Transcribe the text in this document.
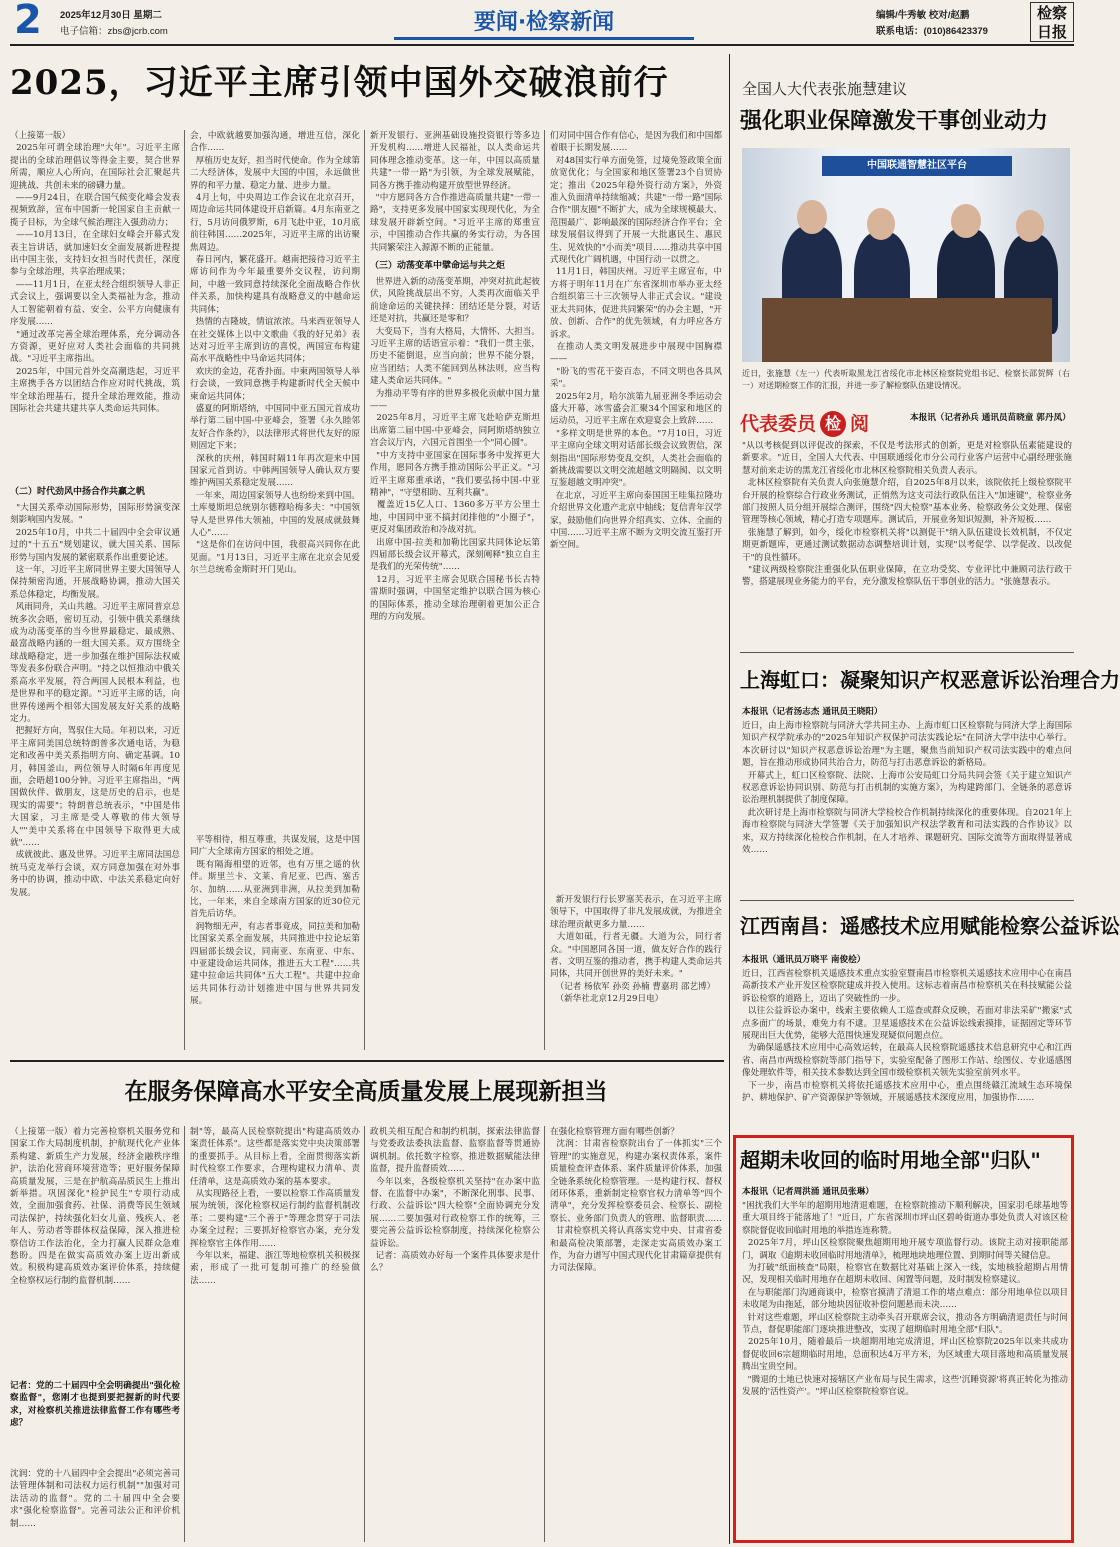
2 2025年12月30日 星期二
电子信箱：zbs@jcrb.com	要闻·检察新闻	编辑/牛秀敏 校对/赵鹏
联系电话：(010)86423379
检察日报
2025，习近平主席引领中国外交破浪前行
（上接第一版）
2025年可谓全球治理"大年"。习近平主席提出的全球治理倡议等得金主要，契合世界所需，顺应人心所向，在国际社会汇聚起共迎挑战、共创未来的磅礴力量。
——9月24日，在联合国气候变化峰会发表视频致辞，宣布中国新一轮国家自主贡献一揽子目标，为全球气候治理注入强劲动力；
——10月13日，在全球妇女峰会开幕式发表主旨讲话，就加速妇女全面发展新进程提出中国主张，支持妇女担当时代责任，深度参与全球治理，共享治理成果；
——11月1日，在亚太经合组织领导人非正式会议上，强调要以全人类福祉为念，推动人工智能朝着有益、安全、公平方向健康有序发展……
"通过改革完善全球治理体系，充分调动各方资源，更好应对人类社会面临的共同挑战。"习近平主席指出。
2025年，中国元首外交高潮迭起，习近平主席携手各方以团结合作应对时代挑战，筑牢全球治理基石，提升全球治理效能，推动国际社会共建共建共享人类命运共同体。
（二）时代劲风中扬合作共赢之帆
"大国关系牵动国际形势，国际形势演变深刻影响国内发展。"
2025年10月，中共二十届四中全会审议通过的"十五五"规划建议，就大国关系、国际形势与国内发展的紧密联系作出重要论述。
这一年，习近平主席同世界主要大国领导人保持频密沟通，开展战略协调，推动大国关系总体稳定，均衡发展。
风雨同舟，关山共越。习近平主席同普京总统多次会晤，密切互动，引领中俄关系继续成为动荡变革的当今世界最稳定、最成熟、最富战略内涵的一组大国关系。双方围绕全球战略稳定，进一步加强在维护国际法权威等发表多份联合声明。"持之以恒推动中俄关系高水平发展，符合两国人民根本利益，也是世界和平的稳定源。"习近平主席的话，向世界传递两个相邻大国发展友好关系的战略定力。
把握好方向，驾驭住大局。年初以来，习近平主席同美国总统特朗普多次通电话，为稳定和改善中美关系指明方向、确定基调。10月，韩国釜山，两位领导人时隔6年再度见面，会晤超100分钟。习近平主席指出，"两国做伙伴、做朋友，这是历史的启示，也是现实的需要"；特朗普总统表示，"中国是伟大国家，习主席是受人尊敬的伟大领导人""美中关系将在中国领导下取得更大成就"……
成就彼此、惠及世界。习近平主席同法国总统马克龙举行会谈，双方同意加强在对外事务中的协调，推动中欧、中法关系稳定向好发展。
会，中欧就越要加强沟通，增进互信，深化合作……
厚植历史友好，担当时代使命。作为全球第二大经济体，发展中大国的中国，永远做世界的和平力量、稳定力量、进步力量。
4月上旬，中央周边工作会议在北京召开，周边命运共同体建设开启新篇。4月东南亚之行，5月访问俄罗斯，6月飞赴中亚，10月底前往韩国……2025年，习近平主席的出访聚焦周边。
春日河内，繁花盛开。越南把接待习近平主席访问作为今年最重要外交议程，访问期间，中越一致同意持续深化全面战略合作伙伴关系，加快构建具有战略意义的中越命运共同体；
热情的吉隆坡，情谊浓浓。马来西亚领导人在社交媒体上以中文歌曲《我的好兄弟》表达对习近平主席到访的喜悦，两国宣布构建高水平战略性中马命运共同体；
欢庆的金边，花香扑面。中柬两国领导人举行会谈，一致同意携手构建新时代全天候中柬命运共同体；
盛夏的阿斯塔纳，中国同中亚五国元首成功举行第二届中国-中亚峰会，签署《永久睦邻友好合作条约》，以法律形式将世代友好的原则固定下来；
深秋的庆州，韩国时隔11年再次迎来中国国家元首到访。中韩两国领导人确认双方要维护两国关系稳定发展……
一年来，周边国家领导人也纷纷来到中国。土库曼斯坦总统别尔德穆哈梅多夫："中国领导人是世界伟大领袖，中国的发展成就鼓舞人心"……
"这是你们在访问中国，我很高兴同你在此见面。"1月13日，习近平主席在北京会见爱尔兰总统希金斯时开门见山。
平等相待，相互尊重，共谋发展，这是中国同广大全球南方国家的相处之道。
既有隔海相望的近邻，也有万里之遥的伙伴。斯里兰卡、文莱、肯尼亚、巴西、塞舌尔、加纳……从亚洲到非洲，从拉美到加勒比，一年来，来自全球南方国家的近30位元首先后访华。
润物细无声，有志者事竟成，同拉美和加勒比国家关系全面发展，共同推进中拉论坛第四届部长级会议，同南亚、东南亚、中东、中亚建设命运共同体，推进五大工程"……共建中拉命运共同体"五大工程"。共建中拉命运共同体行动计划推进中国与世界共同发展。
新开发银行、亚洲基础设施投资银行等多边开发机构……增进人民福祉，以人类命运共同体理念推动变革。这一年，中国以高质量共建"一带一路"为引领，为全球发展赋能，同各方携手推动构建开放型世界经济。
"中方愿同各方合作推进高质量共建"一带一路"，支持更多发展中国家实现现代化，为全球发展开辟新空间。"习近平主席的郑重宣示，中国推动合作共赢的务实行动，为各国共同繁荣注入源源不断的正能量。
（三）动荡变革中擘命运与共之炬
世界进入新的动荡变革期，冲突对抗此起彼伏，风险挑战层出不穷，人类再次面临关乎前途命运的关键抉择：团结还是分裂，对话还是对抗，共赢还是零和？
大变局下，当有大格局，大情怀、大担当。习近平主席的话语宣示着："我们一贯主张，历史不能倒退，应当向前；世界不能分裂，应当团结；人类不能回到丛林法则，应当构建人类命运共同体。"
为推动平等有序的世界多极化贡献中国力量——
2025年8月，习近平主席飞赴哈萨克斯坦出席第二届中国-中亚峰会，同阿斯塔纳独立宫会议厅内，六国元首围坐一个"同心圆"。
"中方支持中亚国家在国际事务中发挥更大作用，愿同各方携手推动国际公平正义。"习近平主席郑重承诺，"我们要弘扬中国-中亚精神"，"守望相助、互利共赢"。
覆盖近15亿人口、1360多万平方公里土地，中国同中亚不搞封闭排他的"小圈子"，更反对集团政治和冷战对抗。
出席中国-拉美和加勒比国家共同体论坛第四届部长级会议开幕式，深刻阐释"独立自主是我们的光荣传统"……
12月，习近平主席会见联合国秘书长古特雷斯时强调，中国坚定维护以联合国为核心的国际体系，推动全球治理朝着更加公正合理的方向发展。
们对同中国合作有信心，是因为我们和中国都着眼于长期发展……
对48国实行单方面免签，过境免签政策全面放宽优化；与全国家和地区签署23个自贸协定；推出《2025年稳外资行动方案》，外资准入负面清单持续缩减；共建"一带一路"国际合作"朋友圈"不断扩大，成为全球规模最大、范围最广、影响最深的国际经济合作平台；全球发展倡议得到了开展一大批惠民生、惠民生、见效快的"小而美"项目……推动共享中国式现代化广阔机遇，中国行动一以贯之。
11月1日，韩国庆州。习近平主席宣布，中方将于明年11月在广东省深圳市举办亚太经合组织第三十三次领导人非正式会议。"建设亚太共同体，促进共同繁荣"的办会主题，"开放、创新、合作"的优先领域，有力呼应各方诉求。
在推动人类文明发展进步中展现中国胸襟——
"盼飞的雪花干姿百态，不同文明也各具风采"。
2025年2月，哈尔滨第九届亚洲冬季运动会盛大开幕，冰雪盛会汇聚34个国家和地区的运动员，习近平主席在欢迎宴会上致辞……
"多样文明是世界的本色。"7月10日，习近平主席向全球文明对话部长级会议致贺信，深刻指出"国际形势变乱交织，人类社会面临的新挑战需要以文明交流超越文明隔阂、以文明互鉴超越文明冲突"。
在北京，习近平主席向泰国国王哇集拉隆功介绍世界文化遗产北京中轴线；复信青年汉学家，鼓励他们向世界介绍真实、立体、全面的中国……习近平主席不断为文明交流互鉴打开新空间。
新开发银行行长罗塞芙表示，在习近平主席领导下，中国取得了非凡发展成就，为推进全球治理贡献更多力量……
大道如砥，行者无疆。大道为公，同行者众。"中国愿同各国一道，做友好合作的践行者、文明互鉴的推动者，携手构建人类命运共同体，共同开创世界的美好未来。"
（记者 杨依军 孙奕 孙楠 曹嘉玥 邵艺博）
（新华社北京12月29日电）
全国人大代表张施慧建议
强化职业保障激发干事创业动力
中国联通智慧社区平台
近日，张施慧（左一）代表听取黑龙江省绥化市北林区检察院党组书记、检察长邵贺辉（右一）对送期检察工作的汇报，并进一步了解检察队伍建设情况。
代表委员 检 阅	本报讯（记者孙兵 通讯员苗晓童 郭丹凤）
"从以考核促到以评促改的探索，不仅是考法形式的创新，更是对检察队伍素能建设的新要求。"近日，全国人大代表、中国联通绥化市分公司行业客户运营中心副经理张施慧对前来走访的黑龙江省绥化市北林区检察院相关负责人表示。
北林区检察院有关负责人向张施慧介绍，自2025年8月以来，该院依托上级检察院平台开展的检察综合行政业务测试，正悄然为这支司法行政队伍注入"加速键"，检察业务部门按照人员分组开展综合测评，围绕"四大检察"基本业务、检察政务公文处理、保密管理等核心领域，精心打造专项题库。测试后，开展业务知识短测，补齐短板……
张施慧了解到，如今，绥化市检察机关将"以测促干"纳入队伍建设长效机制，不仅定期更新题库，更通过测试数据动态调整培训计划，实现"以考促学、以学促改、以改促干"的良性循环。
"建议两级检察院注重强化队伍职业保障，在立功受奖、专业评比中兼顾司法行政干警，搭建展现业务能力的平台，充分激发检察队伍干事创业的活力。"张施慧表示。
上海虹口：凝聚知识产权恶意诉讼治理合力
本报讯（记者汤志杰 通讯员王晓阳）
近日，由上海市检察院与同济大学共同主办、上海市虹口区检察院与同济大学上海国际知识产权学院承办的"2025年知识产权保护司法实践论坛"在同济大学中法中心举行。本次研讨以"知识产权恶意诉讼治理"为主题，聚焦当前知识产权司法实践中的难点问题，旨在推动形成协同共治合力，防范与打击恶意诉讼的新格局。
开幕式上，虹口区检察院、法院、上海市公安局虹口分局共同会签《关于建立知识产权恶意诉讼协同识别、防范与打击机制的实施方案》，为构建跨部门、全链条的恶意诉讼治理机制提供了制度保障。
此次研讨是上海市检察院与同济大学检校合作机制持续深化的重要体现。自2021年上海市检察院与同济大学签署《关于加强知识产权法学教育和司法实践的合作协议》以来，双方持续深化检校合作机制，在人才培养、课题研究、国际交流等方面取得显著成效……
江西南昌：遥感技术应用赋能检察公益诉讼
本报讯（通讯员万晓平 南俊桧）
近日，江西省检察机关遥感技术重点实验室暨南昌市检察机关遥感技术应用中心在南昌高新技术产业开发区检察院建成并投入使用。这标志着南昌市检察机关在科技赋能公益诉讼检察的道路上，迈出了突破性的一步。
以往公益诉讼办案中，线索主要依赖人工巡查或群众反映，若面对非法采矿"搬家"式点多面广的场景，难免力有不逮。卫星遥感技术在公益诉讼线索摸排，证据固定等环节展现出巨大优势，能够大范围快速发现疑似问题点位。
为确保遥感技术应用中心高效运转，在最高人民检察院遥感技术信息研究中心和江西省、南昌市两级检察院等部门指导下，实验室配备了图形工作站、绘图仪、专业遥感图像处理软件等，相关技术参数达到全国市级检察机关领先实验室前列水平。
下一步，南昌市检察机关将依托遥感技术应用中心，重点围绕赣江流域生态环境保护、耕地保护、矿产资源保护等领域，开展遥感技术深度应用，加强协作……
超期未收回的临时用地全部"归队"
本报讯（记者周洪涌 通讯员张琳）
"困扰我们大半年的超期用地清退难题，在检察院推动下顺利解决，国家羽毛球基地等重大项目终于能落地了！"近日，广东省深圳市坪山区碧岭街道办事处负责人对该区检察院督促收回临时用地的举措连连称赞。
2025年7月，坪山区检察院聚焦超期用地开展专项监督行动。该院主动对接职能部门，调取《逾期未收回临时用地清单》，梳理地块地理位置、到期时间等关键信息。
为打破"纸面核查"局限，检察官在数据比对基础上深入一线，实地核验超期占用情况，发现相关临时用地存在超期未收回、闲置等问题，及时制发检察建议。
在与职能部门沟通商谈中，检察官摸清了清退工作的堵点难点：部分用地单位以项目未收尾为由拖延，部分地块因征收补偿问题悬而未决……
针对这些难题，坪山区检察院主动牵头召开联席会议，推动各方明确清退责任与时间节点，督促职能部门逐块推进整改，实现了超期临时用地全部"归队"。
2025年10月，随着最后一块超期用地完成清退，坪山区检察院2025年以来共成功督促收回6宗超期临时用地，总面积达4万平方米，为区域重大项目落地和高质量发展腾出宝贵空间。
"腾退的土地已快速对接辖区产业布局与民生需求，这些'沉睡资源'将真正转化为推动发展的'活性资产'。"坪山区检察院检察官说。
在服务保障高水平安全高质量发展上展现新担当
（上接第一版）着力完善检察机关服务党和国家工作大局制度机制，护航现代化产业体系构建、新质生产力发展，经济金融秩序维护，法治化营商环境营造等；更好服务保障高质量发展，三是在护航高品质民生上推出新举措。巩固深化"检护民生"专项行动成效，全面加强食药、社保、消费等民生领域司法保护，持续强化妇女儿童、残疾人、老年人、劳动者等群体权益保障，深入推进检察信访工作法治化，全力打赢人民群众急难愁盼。四是在做实高质效办案上迈出新成效。积极构建高质效办案评价体系，持续健全检察权运行制约监督机制……
记者：党的二十届四中全会明确提出"强化检察监督"，您刚才也提到要把握新的时代要求，对检察机关推进法律监督工作有哪些考虑？
沈润：党的十八届四中全会提出"必须完善司法管理体制和司法权力运行机制""加强对司法活动的监督"。党的二十届四中全会要求"强化检察监督"。完善司法公正和评价机制……
制"等，最高人民检察院提出"构建高质效办案责任体系"。这些都是落实党中央决策部署的重要抓手。从目标上看，全面贯彻落实新时代检察工作要求，合理构建权力清单、责任清单，这是高质效办案的基本要求。
从实现路径上看，一要以检察工作高质量发展为统领，深化检察权运行制约监督机制改革；二要构建"三个善于"等理念贯穿于司法办案全过程；三要抓好检察官办案，充分发挥检察官主体作用……
今年以来，福建、浙江等地检察机关积极探索，形成了一批可复制可推广的经验做法……
政机关相互配合和制约机制，探索法律监督与党委政法委执法监督、监察监督等贯通协调机制。依托数字检察，推进数据赋能法律监督，提升监督质效……
今年以来，各级检察机关坚持"在办案中监督、在监督中办案"，不断深化刑事、民事、行政、公益诉讼"四大检察"全面协调充分发展……二要加强对行政检察工作的统筹，三要完善公益诉讼检察制度，持续深化检察公益诉讼。
记者：高质效办好每一个案件具体要求是什么？
在强化检察管理方面有哪些创新？
沈润：甘肃省检察院出台了一体抓实"三个管理"的实施意见，构建办案权责体系，案件质量检查评查体系、案件质量评价体系，加强全链条系统化检察管理。一是构建行权、督权闭环体系，重新制定检察官权力清单等"四个清单"，充分发挥检察委员会、检察长、副检察长、业务部门负责人的管理、监督职责……
甘肃检察机关将认真落实党中央、甘肃省委和最高检决策部署，走深走实高质效办案工作，为奋力谱写中国式现代化甘肃篇章提供有力司法保障。
